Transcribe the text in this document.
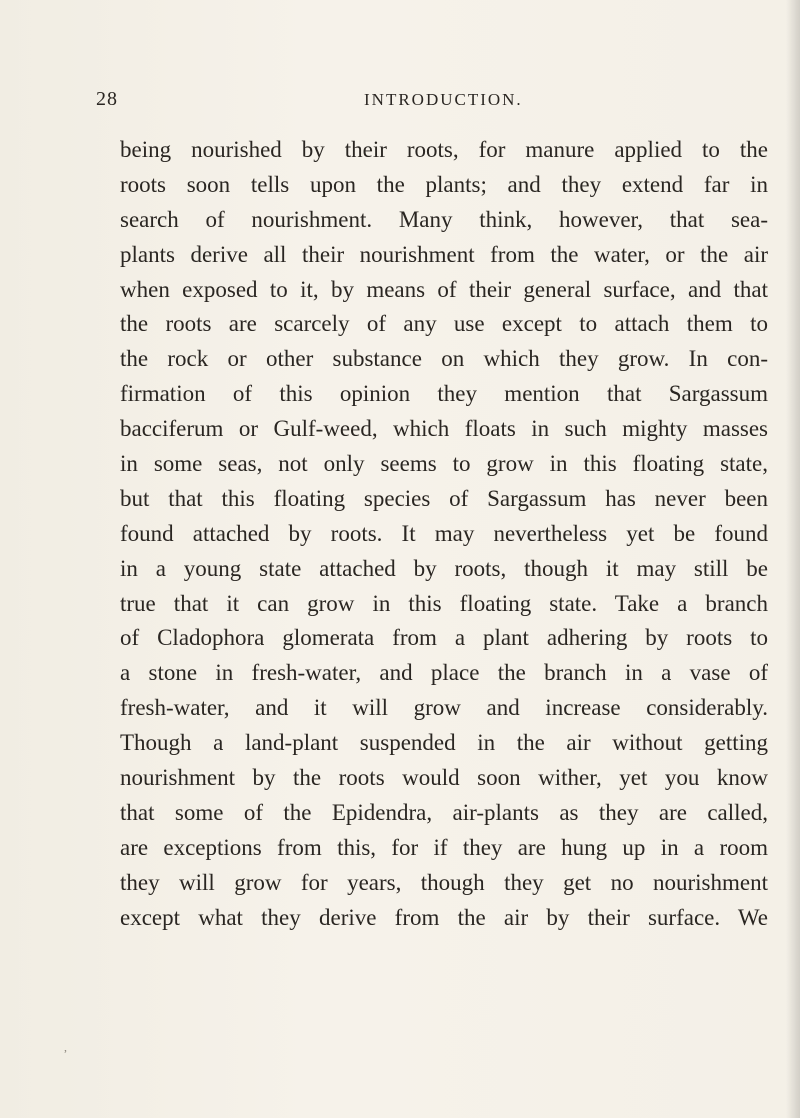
28	INTRODUCTION.
being nourished by their roots, for manure applied to the
roots soon tells upon the plants; and they extend far in
search of nourishment. Many think, however, that sea-
plants derive all their nourishment from the water, or the air
when exposed to it, by means of their general surface, and that
the roots are scarcely of any use except to attach them to
the rock or other substance on which they grow. In con-
firmation of this opinion they mention that Sargassum
bacciferum or Gulf-weed, which floats in such mighty masses
in some seas, not only seems to grow in this floating state,
but that this floating species of Sargassum has never been
found attached by roots. It may nevertheless yet be found
in a young state attached by roots, though it may still be
true that it can grow in this floating state. Take a branch
of Cladophora glomerata from a plant adhering by roots to
a stone in fresh-water, and place the branch in a vase of
fresh-water, and it will grow and increase considerably.
Though a land-plant suspended in the air without getting
nourishment by the roots would soon wither, yet you know
that some of the Epidendra, air-plants as they are called,
are exceptions from this, for if they are hung up in a room
they will grow for years, though they get no nourishment
except what they derive from the air by their surface. We
,
